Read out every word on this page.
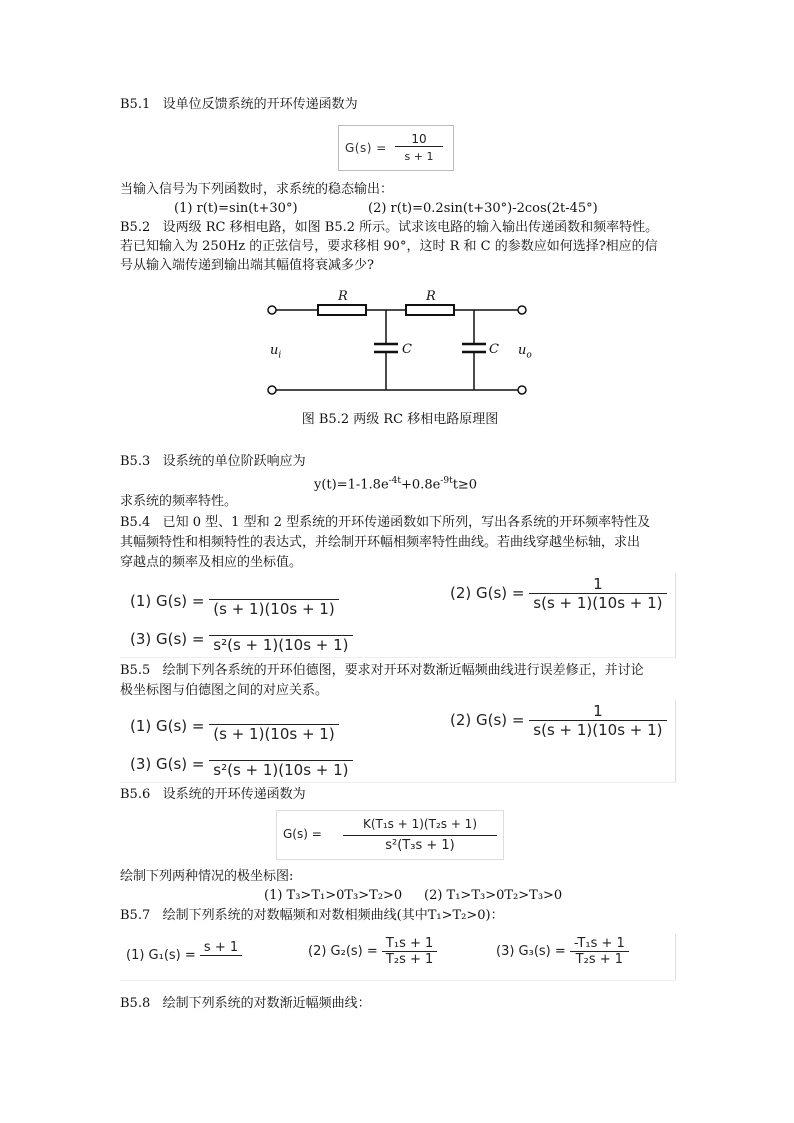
B5.1 设单位反馈系统的开环传递函数为
G(s) =
10
s + 1
当输入信号为下列函数时，求系统的稳态输出：
(1) r(t)=sin(t+30°)	(2) r(t)=0.2sin(t+30°)-2cos(2t-45°)
B5.2 设两级 RC 移相电路，如图 B5.2 所示。试求该电路的输入输出传递函数和频率特性。
若已知输入为 250Hz 的正弦信号，要求移相 90°，这时 R 和 C 的参数应如何选择?相应的信
号从输入端传递到输出端其幅值将衰减多少?
R	R
C	C
$u_i$	$u_o$
图 B5.2 两级 RC 移相电路原理图
B5.3 设系统的单位阶跃响应为
$y(t)=1-1.8e^{-4t}+0.8e^{-9t}t\ge 0$
求系统的频率特性。
B5.4 已知 0 型、1 型和 2 型系统的开环传递函数如下所列，写出各系统的开环频率特性及
其幅频特性和相频特性的表达式，并绘制开环幅相频率特性曲线。若曲线穿越坐标轴，求出
穿越点的频率及相应的坐标值。
(1) G(s) = (s + 1)(10s + 1)
(2) $G(s) = \frac{1}{s(s + 1)(10s + 1)}$
(3) G(s) = s²(s + 1)(10s + 1)
B5.5 绘制下列各系统的开环伯德图，要求对开环对数渐近幅频曲线进行误差修正，并讨论
极坐标图与伯德图之间的对应关系。
(1) G(s) = (s + 1)(10s + 1)
(2) $G(s) = \frac{1}{s(s + 1)(10s + 1)}$
(3) G(s) = s²(s + 1)(10s + 1)
B5.6 设系统的开环传递函数为
G(s) =
K(T₁s + 1)(T₂s + 1)
s²(T₃s + 1)
绘制下列两种情况的极坐标图:
(1) T₃>T₁>0T₃>T₂>0 (2) T₁>T₃>0T₂>T₃>0
B5.7 绘制下列系统的对数幅频和对数相频曲线(其中T₁>T₂>0)：
(1) G₁(s) =
s + 1
	(2) $G_2(s) = \frac{\text{T₁s + 1}}{\text{T₂s + 1}}$	(3) $G_3(s) = \frac{\text{-T₁s + 1}}{\text{T₂s + 1}}$
B5.8 绘制下列系统的对数渐近幅频曲线：
